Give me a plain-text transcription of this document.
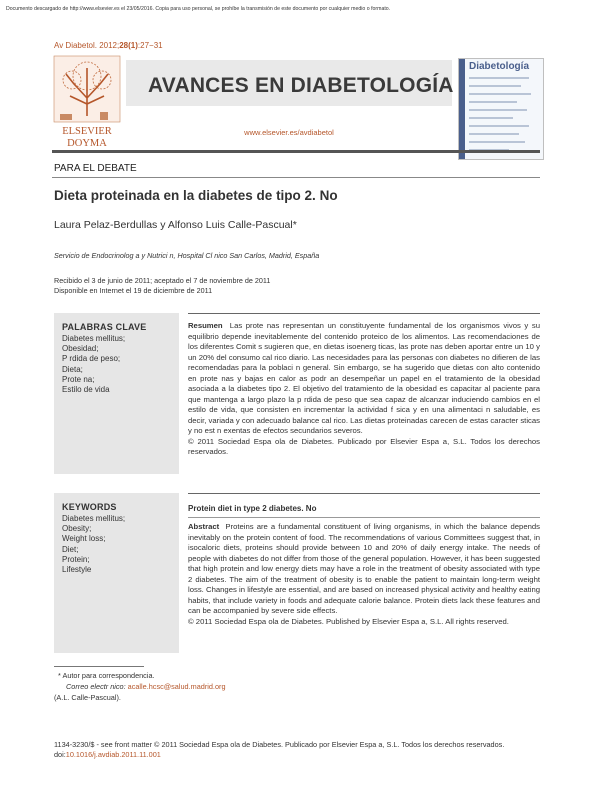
Documento descargado de http://www.elsevier.es el 23/05/2016. Copia para uso personal, se prohíbe la transmisión de este documento por cualquier medio o formato.
Av Diabetol. 2012;28(1):27−31
ELSEVIER
DOYMA
AVANCES EN DIABETOLOGÍA
www.elsevier.es/avdiabetol
Diabetología
PARA EL DEBATE
Dieta proteinada en la diabetes de tipo 2. No
Laura Pelaz-Berdullas y Alfonso Luis Calle-Pascual*
Servicio de Endocrinolog a y Nutrici n, Hospital Cl nico San Carlos, Madrid, España
Recibido el 3 de junio de 2011; aceptado el 7 de noviembre de 2011
Disponible en Internet el 19 de diciembre de 2011
PALABRAS CLAVE
Diabetes mellitus;
Obesidad;
P rdida de peso;
Dieta;
Prote na;
Estilo de vida
Resumen Las prote nas representan un constituyente fundamental de los organismos vivos y su equilibrio depende inevitablemente del contenido proteico de los alimentos. Las recomendaciones de los diferentes Comit s sugieren que, en dietas isoenerg ticas, las prote nas deben aportar entre un 10 y un 20% del consumo cal rico diario. Las necesidades para las personas con diabetes no difieren de las recomendadas para la poblaci n general. Sin embargo, se ha sugerido que dietas con alto contenido en prote nas y bajas en calor as podr an desempeñar un papel en el tratamiento de la obesidad asociada a la diabetes tipo 2. El objetivo del tratamiento de la obesidad es capacitar al paciente para que mantenga a largo plazo la p rdida de peso que sea capaz de alcanzar induciendo cambios en el estilo de vida, que consisten en incrementar la actividad f sica y en una alimentaci n saludable, es decir, variada y con adecuado balance cal rico. Las dietas proteinadas carecen de estas caracter sticas y no est n exentas de efectos secundarios severos.
© 2011 Sociedad Espa ola de Diabetes. Publicado por Elsevier Espa a, S.L. Todos los derechos reservados.
KEYWORDS
Diabetes mellitus;
Obesity;
Weight loss;
Diet;
Protein;
Lifestyle
Protein diet in type 2 diabetes. No
Abstract Proteins are a fundamental constituent of living organisms, in which the balance depends inevitably on the protein content of food. The recommendations of various Committees suggest that, in isocaloric diets, proteins should provide between 10 and 20% of daily energy intake. The needs of people with diabetes do not differ from those of the general population. However, it has been suggested that high protein and low energy diets may have a role in the treatment of obesity associated with type 2 diabetes. The aim of the treatment of obesity is to enable the patient to maintain long-term weight loss. Changes in lifestyle are essential, and are based on increased physical activity and healthy eating habits, that include variety in foods and adequate calorie balance. Protein diets lack these features and can be accompanied by severe side effects.
© 2011 Sociedad Espa ola de Diabetes. Published by Elsevier Espa a, S.L. All rights reserved.
* Autor para correspondencia.
Correo electr nico: acalle.hcsc@salud.madrid.org
(A.L. Calle-Pascual).
1134-3230/$ - see front matter © 2011 Sociedad Espa ola de Diabetes. Publicado por Elsevier Espa a, S.L. Todos los derechos reservados.
doi:10.1016/j.avdiab.2011.11.001
